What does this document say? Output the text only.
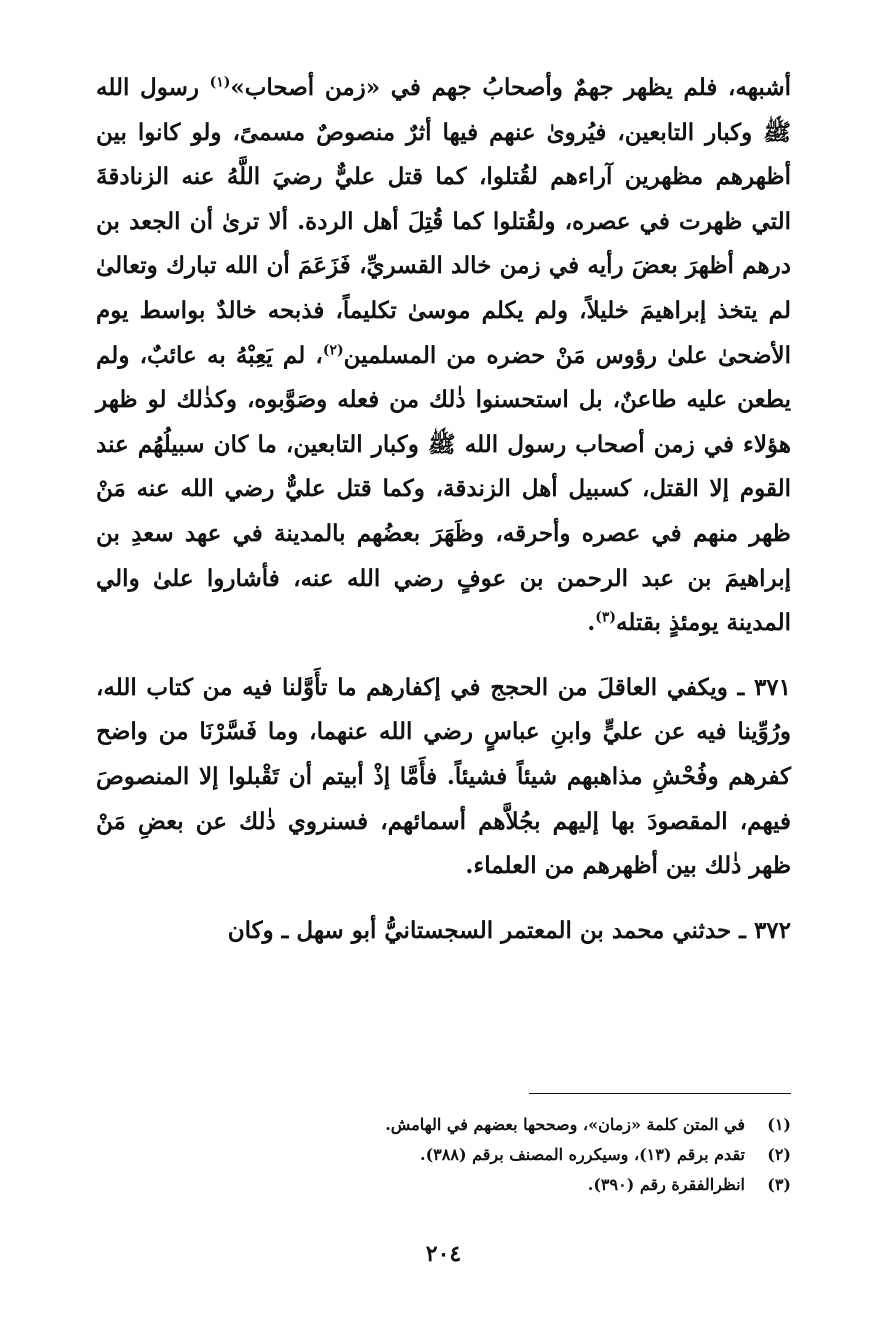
أشبهه، فلم يظهر جهمٌ وأصحابُ جهم في «زمن أصحاب»$^{(١)}$ رسول الله ﷺ وكبار التابعين، فيُروىٰ عنهم فيها أثرٌ منصوصٌ مسمىً، ولو كانوا بين أظهرهم مظهرين آراءهم لقُتلوا، كما قتل عليٌّ رضيَ اللَّهُ عنه الزنادقةَ التي ظهرت في عصره، ولقُتلوا كما قُتِلَ أهل الردة. ألا ترىٰ أن الجعد بن درهم أظهرَ بعضَ رأيه في زمن خالد القسريِّ، فَزَعَمَ أن الله تبارك وتعالىٰ لم يتخذ إبراهيمَ خليلاً، ولم يكلم موسىٰ تكليماً، فذبحه خالدٌ بواسط يوم الأضحىٰ علىٰ رؤوس مَنْ حضره من المسلمين$^{(٢)}$، لم يَعِبْهُ به عائبٌ، ولم يطعن عليه طاعنٌ، بل استحسنوا ذٰلك من فعله وصَوَّبوه، وكذٰلك لو ظهر هؤلاء في زمن أصحاب رسول الله ﷺ وكبار التابعين، ما كان سبيلُهُم عند القوم إلا القتل، كسبيل أهل الزندقة، وكما قتل عليٌّ رضي الله عنه مَنْ ظهر منهم في عصره وأحرقه، وظَهَرَ بعضُهم بالمدينة في عهد سعدِ بن إبراهيمَ بن عبد الرحمن بن عوفٍ رضي الله عنه، فأشاروا علىٰ والي المدينة يومئذٍ بقتله$^{(٣)}$.

٣٧١ ـ ويكفي العاقلَ من الحجج في إكفارهم ما تأَوَّلنا فيه من كتاب الله، ورُوِّينا فيه عن عليٍّ وابنِ عباسٍ رضي الله عنهما، وما فَسَّرْنَا من واضح كفرهم وفُحْشِ مذاهبهم شيئاً فشيئاً. فأَمَّا إذْ أبيتم أن تَقْبلوا إلا المنصوصَ فيهم، المقصودَ بها إليهم بجُلاَّهم أسمائهم، فسنروي ذٰلك عن بعضِ مَنْ ظهر ذٰلك بين أظهرهم من العلماء.

٣٧٢ ـ حدثني محمد بن المعتمر السجستانيُّ أبو سهل ـ وكان

(١)
في المتن كلمة «زمان»، وصححها بعضهم في الهامش.
(٢)
تقدم برقم (١٣)، وسيكرره المصنف برقم (٣٨٨).
(٣)
انظرالفقرة رقم (٣٩٠).
٢٠٤
